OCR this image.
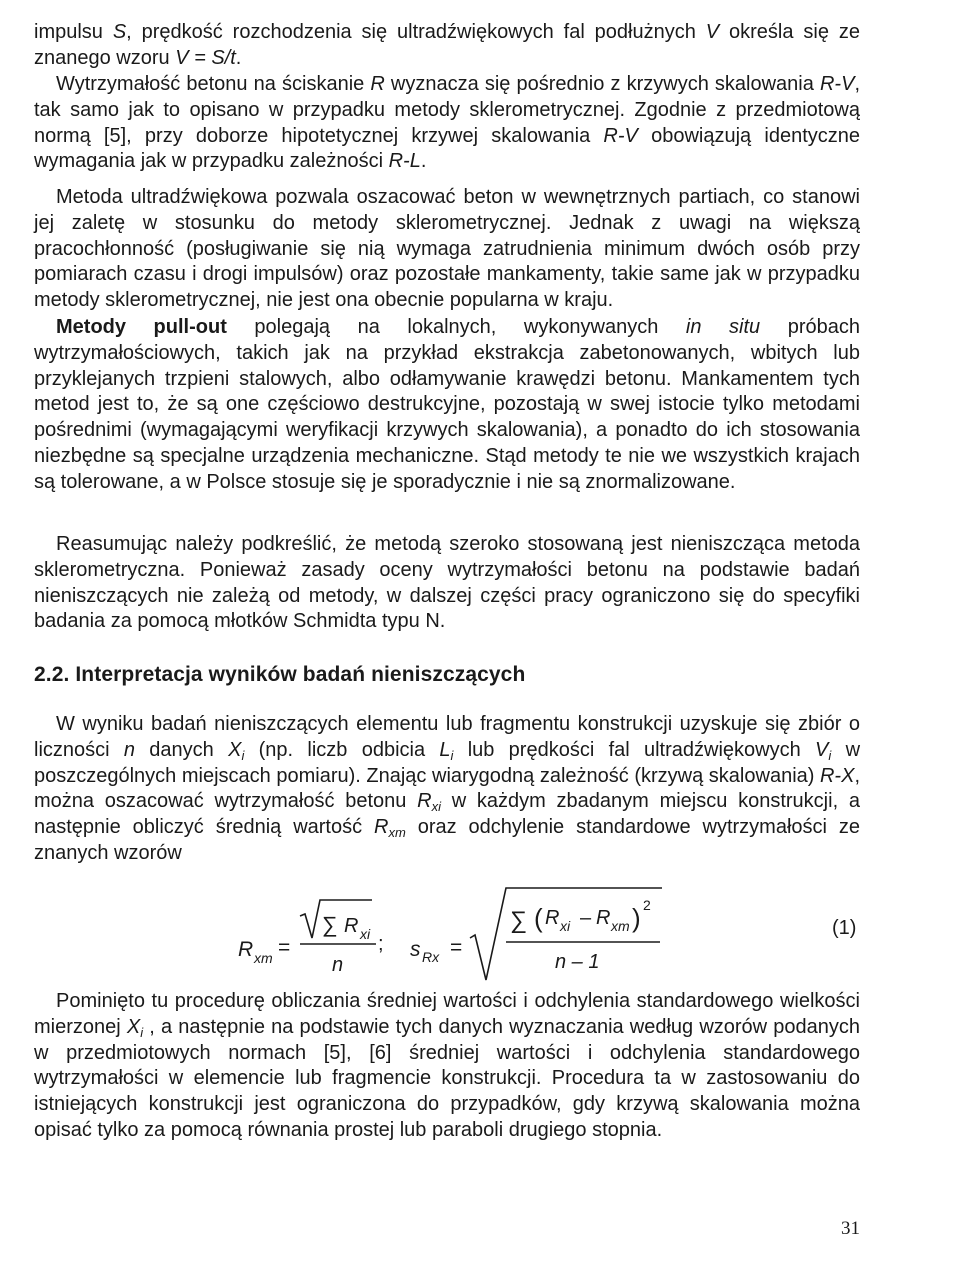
impulsu S, prędkość rozchodzenia się ultradźwiękowych fal podłużnych V określa się ze znanego wzoru V = S/t.

Wytrzymałość betonu na ściskanie R wyznacza się pośrednio z krzywych skalowania R-V, tak samo jak to opisano w przypadku metody sklerometrycznej. Zgodnie z przedmiotową normą [5], przy doborze hipotetycznej krzywej skalowania R-V obowiązują identyczne wymagania jak w przypadku zależności R-L.

Metoda ultradźwiękowa pozwala oszacować beton w wewnętrznych partiach, co stanowi jej zaletę w stosunku do metody sklerometrycznej. Jednak z uwagi na większą pracochłonność (posługiwanie się nią wymaga zatrudnienia minimum dwóch osób przy pomiarach czasu i drogi impulsów) oraz pozostałe mankamenty, takie same jak w przypadku metody sklerometrycznej, nie jest ona obecnie popularna w kraju.

Metody pull-out polegają na lokalnych, wykonywanych in situ próbach wytrzymałościowych, takich jak na przykład ekstrakcja zabetonowanych, wbitych lub przyklejanych trzpieni stalowych, albo odłamywanie krawędzi betonu. Mankamentem tych metod jest to, że są one częściowo destrukcyjne, pozostają w swej istocie tylko metodami pośrednimi (wymagającymi weryfikacji krzywych skalowania), a ponadto do ich stosowania niezbędne są specjalne urządzenia mechaniczne. Stąd metody te nie we wszystkich krajach są tolerowane, a w Polsce stosuje się je sporadycznie i nie są znormalizowane.

Reasumując należy podkreślić, że metodą szeroko stosowaną jest nieniszcząca metoda sklerometryczna. Ponieważ zasady oceny wytrzymałości betonu na podstawie badań nieniszczących nie zależą od metody, w dalszej części pracy ograniczono się do specyfiki badania za pomocą młotków Schmidta typu N.

2.2. Interpretacja wyników badań nieniszczących

W wyniku badań nieniszczących elementu lub fragmentu konstrukcji uzyskuje się zbiór o liczności n danych $X_i$ (np. liczb odbicia $L_i$ lub prędkości fal ultradźwiękowych $V_i$ w poszczególnych miejscach pomiaru). Znając wiarygodną zależność (krzywą skalowania) R-X, można oszacować wytrzymałość betonu $R_{xi}$ w każdym zbadanym miejscu konstrukcji, a następnie obliczyć średnią wartość $R_{xm}$ oraz odchylenie standardowe wytrzymałości ze znanych wzorów

R xm =
∑ R xi
n
; s Rx =
∑ ( R xi – R xm ) 2
n – 1
(1)

Pominięto tu procedurę obliczania średniej wartości i odchylenia standardowego wielkości mierzonej $X_i$ , a następnie na podstawie tych danych wyznaczania według wzorów podanych w przedmiotowych normach [5], [6] średniej wartości i odchylenia standardowego wytrzymałości w elemencie lub fragmencie konstrukcji. Procedura ta w zastosowaniu do istniejących konstrukcji jest ograniczona do przypadków, gdy krzywą skalowania można opisać tylko za pomocą równania prostej lub paraboli drugiego stopnia.

31
